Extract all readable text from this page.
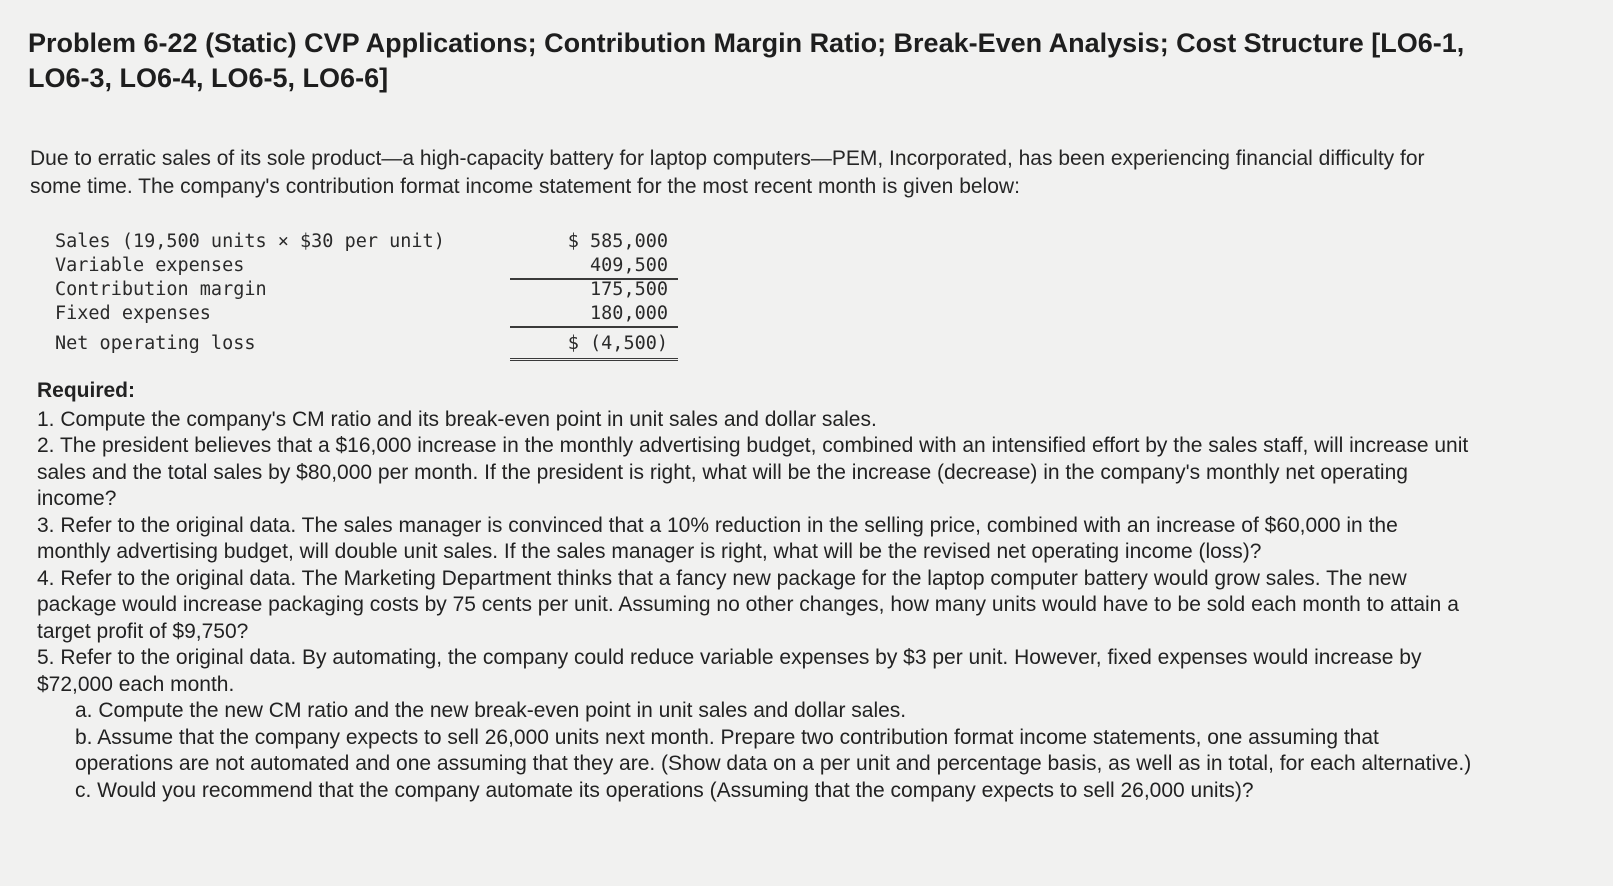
Problem 6-22 (Static) CVP Applications; Contribution Margin Ratio; Break-Even Analysis; Cost Structure [LO6-1, LO6-3, LO6-4, LO6-5, LO6-6]

Due to erratic sales of its sole product—a high-capacity battery for laptop computers—PEM, Incorporated, has been experiencing financial difficulty for some time. The company's contribution format income statement for the most recent month is given below:

Sales (19,500 units × $30 per unit)	$ 585,000
Variable expenses	409,500
Contribution margin	175,500
Fixed expenses	180,000
Net operating loss	$ (4,500)

Required:

1. Compute the company's CM ratio and its break-even point in unit sales and dollar sales.

2. The president believes that a $16,000 increase in the monthly advertising budget, combined with an intensified effort by the sales staff, will increase unit sales and the total sales by $80,000 per month. If the president is right, what will be the increase (decrease) in the company's monthly net operating income?

3. Refer to the original data. The sales manager is convinced that a 10% reduction in the selling price, combined with an increase of $60,000 in the monthly advertising budget, will double unit sales. If the sales manager is right, what will be the revised net operating income (loss)?

4. Refer to the original data. The Marketing Department thinks that a fancy new package for the laptop computer battery would grow sales. The new package would increase packaging costs by 75 cents per unit. Assuming no other changes, how many units would have to be sold each month to attain a target profit of $9,750?

5. Refer to the original data. By automating, the company could reduce variable expenses by $3 per unit. However, fixed expenses would increase by $72,000 each month.

a. Compute the new CM ratio and the new break-even point in unit sales and dollar sales.

b. Assume that the company expects to sell 26,000 units next month. Prepare two contribution format income statements, one assuming that operations are not automated and one assuming that they are. (Show data on a per unit and percentage basis, as well as in total, for each alternative.)

c. Would you recommend that the company automate its operations (Assuming that the company expects to sell 26,000 units)?
